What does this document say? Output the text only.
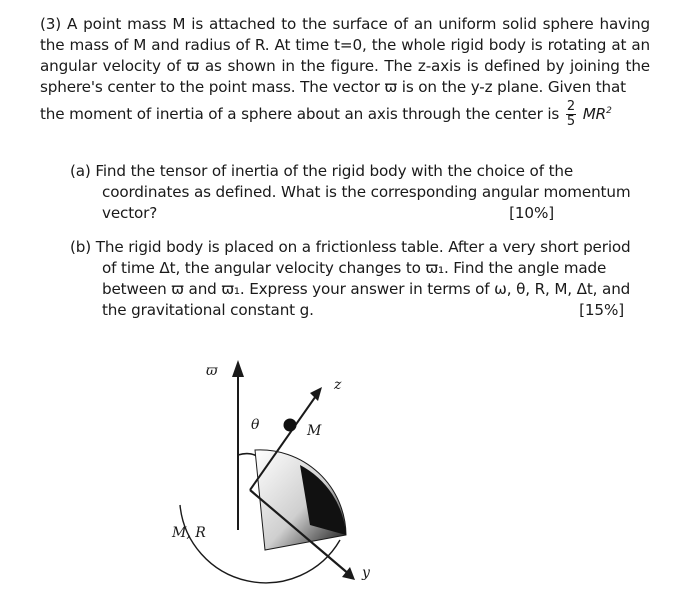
(3) A point mass M is attached to the surface of an uniform solid sphere having the mass of M and radius of R. At time t=0, the whole rigid body is rotating at an angular velocity of ϖ as shown in the figure. The z-axis is defined by joining the sphere's center to the point mass. The vector ϖ is on the y-z plane. Given that

the moment of inertia of a sphere about an axis through the center is $\frac{2}{5} MR^2$

(a) Find the tensor of inertia of the rigid body with the choice of the
coordinates as defined. What is the corresponding angular momentum
vector?	[10%]
(b) The rigid body is placed on a frictionless table. After a very short period
of time Δt, the angular velocity changes to ϖ₁. Find the angle made
between ϖ and ϖ₁. Express your answer in terms of ω, θ, R, M, Δt, and
the gravitational constant g.	[15%]
ϖ
θ	M
z
y
M, R
